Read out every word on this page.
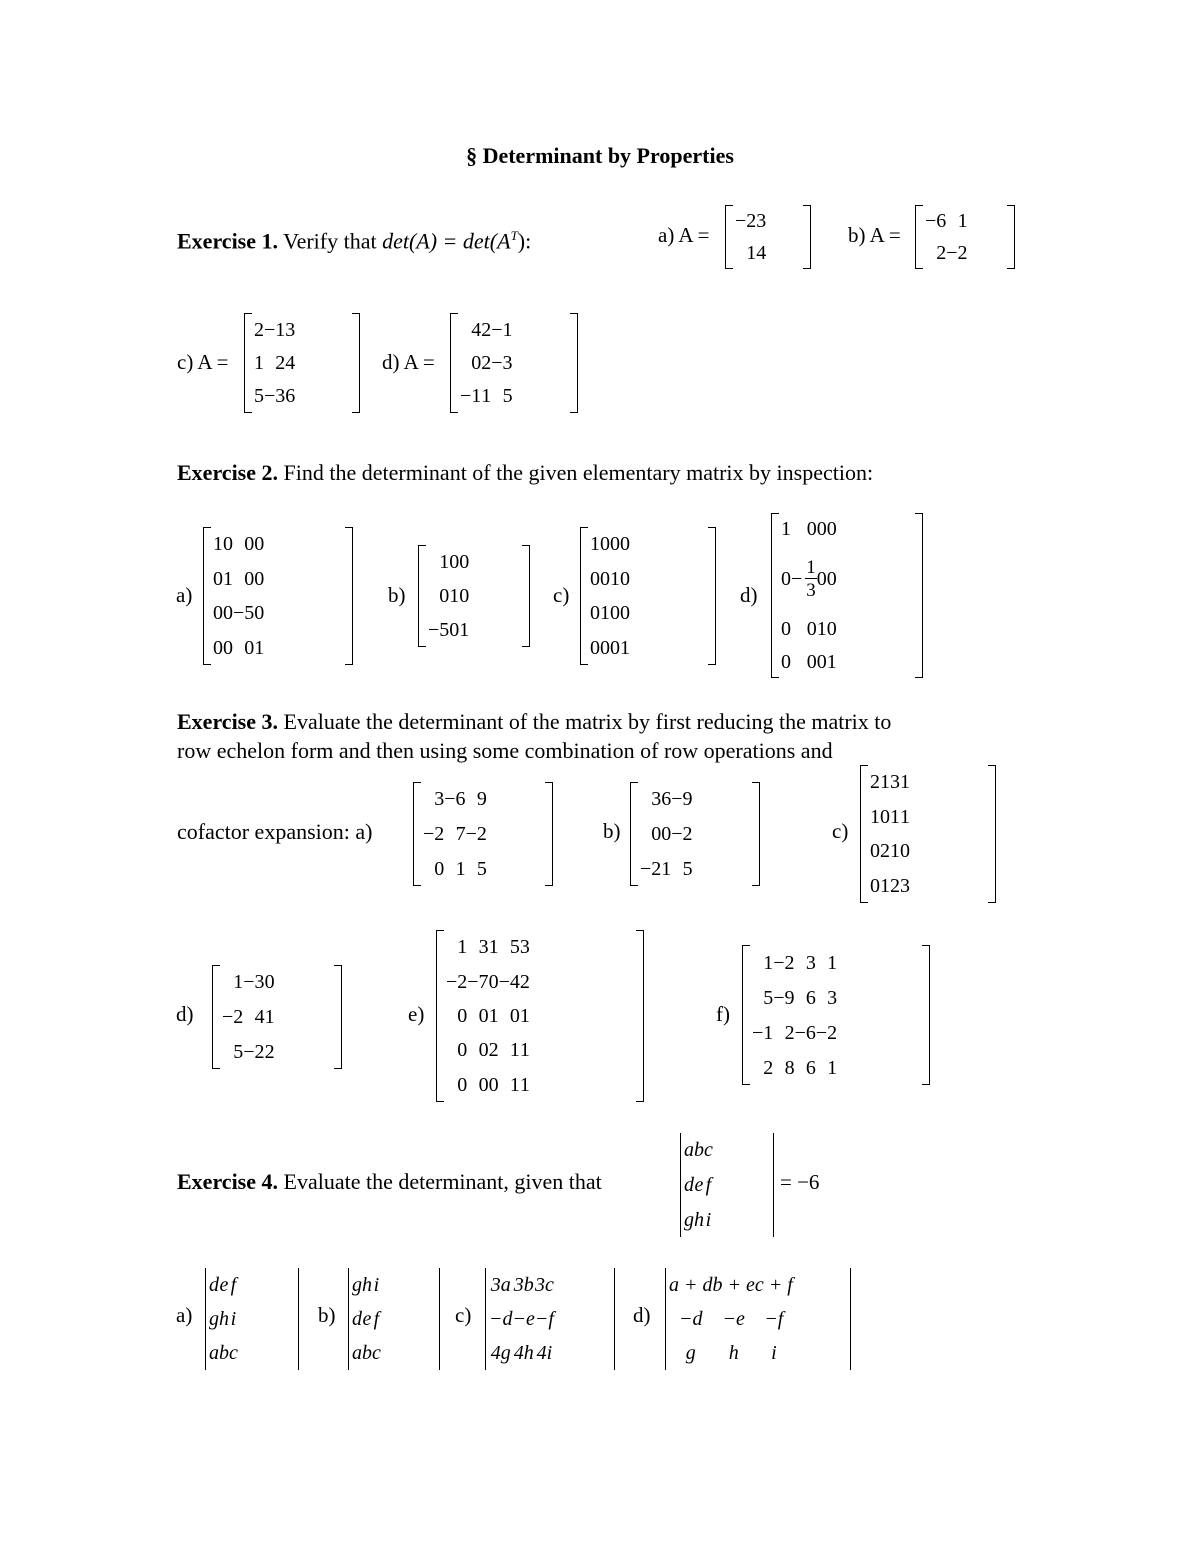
§ Determinant by Properties
Exercise 1. Verify that $\det(A) = \det(A^T)$:	a) A =
−2	3
1	4
b) A =
−6	1
2	−2
c) A =
2	−1	3
1	2	4
5	−3	6
d) A =
4	2	−1
0	2	−3
−1	1	5
Exercise 2. Find the determinant of the given elementary matrix by inspection:
a)
1	0	0	0
0	1	0	0
0	0	−5	0
0	0	0	1
b)
1	0	0
0	1	0
−5	0	1
c)
1	0	0	0
0	0	1	0
0	1	0	0
0	0	0	1
d)
1	0	0	0
0	− $\frac{1}{3}$	0	0
0	0	1	0
0	0	0	1
Exercise 3. Evaluate the determinant of the matrix by first reducing the matrix to
row echelon form and then using some combination of row operations and
cofactor expansion: a)
3	−6	9
−2	7	−2
0	1	5
b)
3	6	−9
0	0	−2
−2	1	5
c)
2	1	3	1
1	0	1	1
0	2	1	0
0	1	2	3
d)
1	−3	0
−2	4	1
5	−2	2
e)
1	3	1	5	3
−2	−7	0	−4	2
0	0	1	0	1
0	0	2	1	1
0	0	0	1	1
f)
1	−2	3	1
5	−9	6	3
−1	2	−6	−2
2	8	6	1
Exercise 4. Evaluate the determinant, given that
a	b	c
d	e	f
g	h	i
= −6
a)
d	e	f
g	h	i
a	b	c
b)
g	h	i
d	e	f
a	b	c
c)
3a	3b	3c
−d	−e	−f
4g	4h	4i
d)
a + d	b + e	c + f
−d	−e	−f
g	h	i
